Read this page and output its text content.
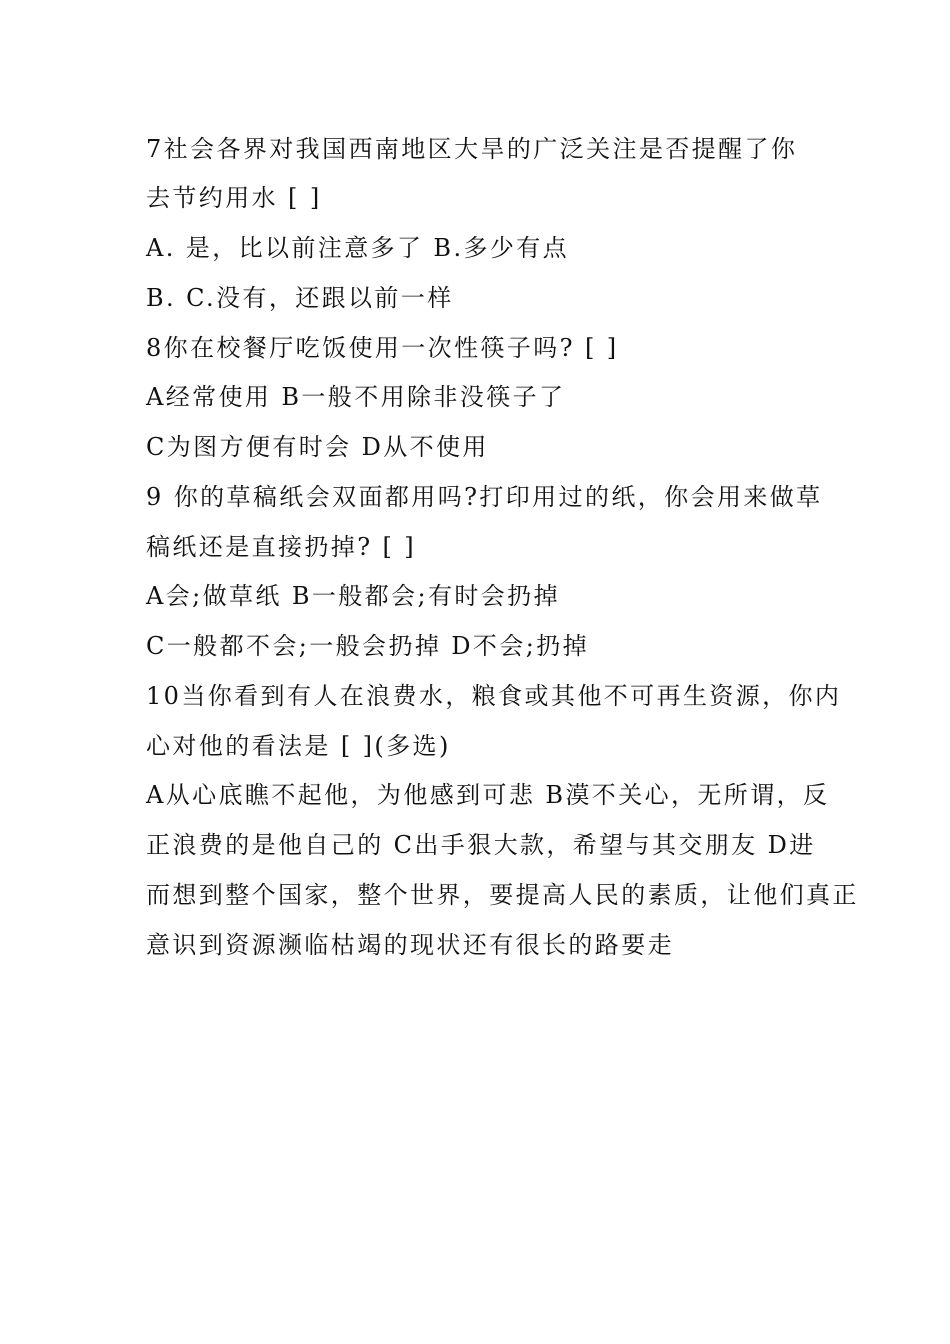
7社会各界对我国西南地区大旱的广泛关注是否提醒了你
去节约用水 [ ]
A. 是，比以前注意多了 B.多少有点
B. C.没有，还跟以前一样
8你在校餐厅吃饭使用一次性筷子吗? [ ]
A经常使用 B一般不用除非没筷子了
C为图方便有时会 D从不使用
9 你的草稿纸会双面都用吗?打印用过的纸，你会用来做草
稿纸还是直接扔掉? [ ]
A会;做草纸 B一般都会;有时会扔掉
C一般都不会;一般会扔掉 D不会;扔掉
10当你看到有人在浪费水，粮食或其他不可再生资源，你内
心对他的看法是 [ ](多选)
A从心底瞧不起他，为他感到可悲 B漠不关心，无所谓，反
正浪费的是他自己的 C出手狠大款，希望与其交朋友 D进
而想到整个国家，整个世界，要提高人民的素质，让他们真正
意识到资源濒临枯竭的现状还有很长的路要走
